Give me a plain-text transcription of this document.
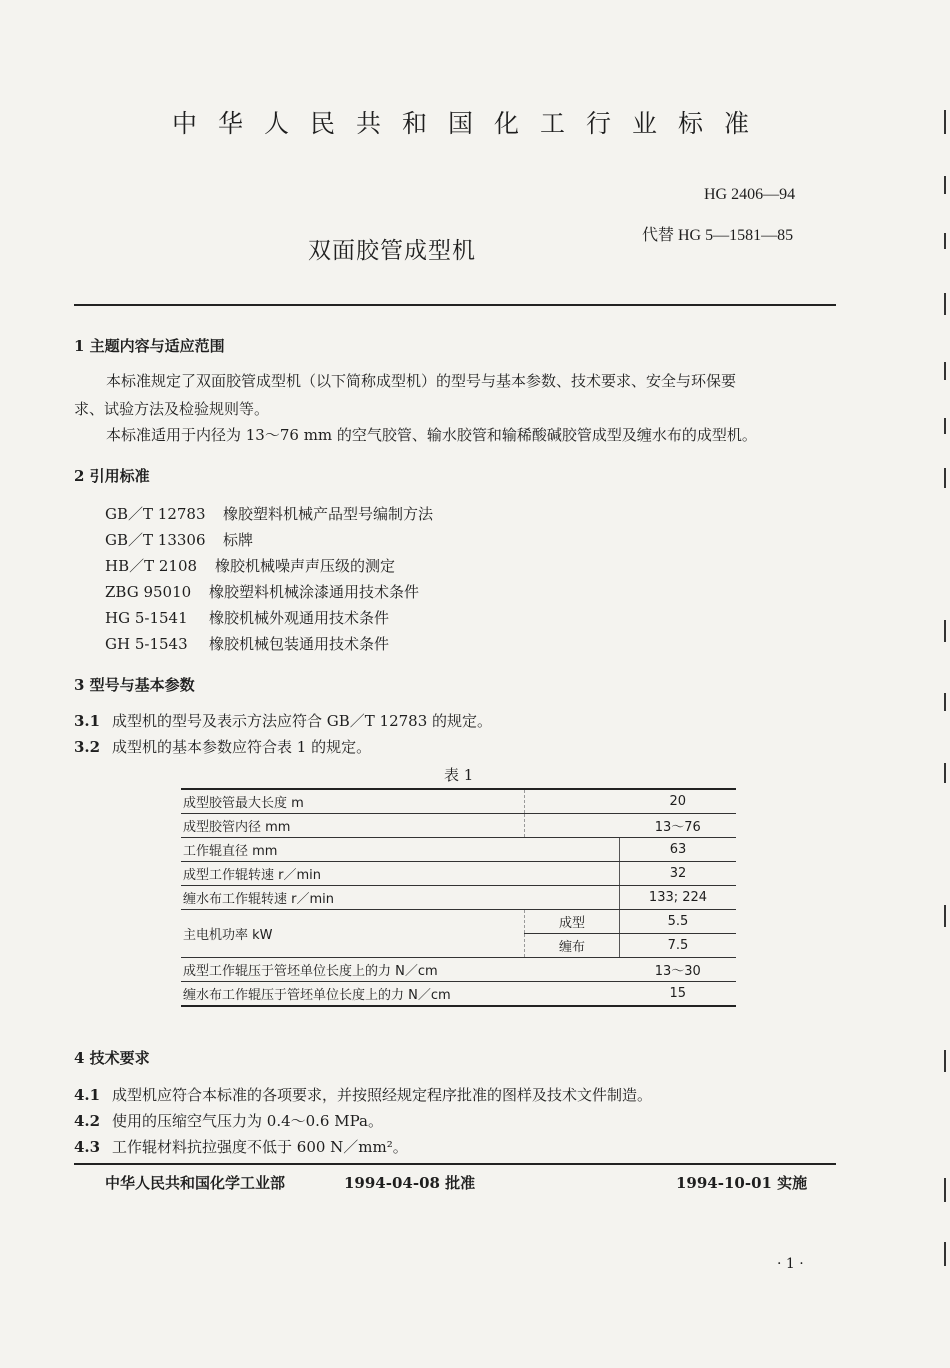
中华人民共和国化工行业标准
HG 2406—94
代替 HG 5—1581—85
双面胶管成型机
1 主题内容与适应范围
本标准规定了双面胶管成型机（以下简称成型机）的型号与基本参数、技术要求、安全与环保要
求、试验方法及检验规则等。
本标准适用于内径为 13～76 mm 的空气胶管、输水胶管和输稀酸碱胶管成型及缠水布的成型机。
2 引用标准
GB／T 12783 橡胶塑料机械产品型号编制方法
GB／T 13306 标牌
HB／T 2108 橡胶机械噪声声压级的测定
ZBG 95010 橡胶塑料机械涂漆通用技术条件
HG 5-1541 橡胶机械外观通用技术条件
GH 5-1543 橡胶机械包装通用技术条件
3 型号与基本参数
3.1 成型机的型号及表示方法应符合 GB／T 12783 的规定。
3.2 成型机的基本参数应符合表 1 的规定。
表 1
成型胶管最大长度 m		20
成型胶管内径 mm		13～76
工作辊直径 mm		63
成型工作辊转速 r／min		32
缠水布工作辊转速 r／min		133; 224
主电机功率 kW	成型	5.5
	缠布	7.5
成型工作辊压于管坯单位长度上的力 N／cm		13～30
缠水布工作辊压于管坯单位长度上的力 N／cm		15
4 技术要求
4.1 成型机应符合本标准的各项要求，并按照经规定程序批准的图样及技术文件制造。
4.2 使用的压缩空气压力为 0.4～0.6 MPa。
4.3 工作辊材料抗拉强度不低于 600 N／mm²。
中华人民共和国化学工业部	1994-04-08 批准	1994-10-01 实施
· 1 ·
